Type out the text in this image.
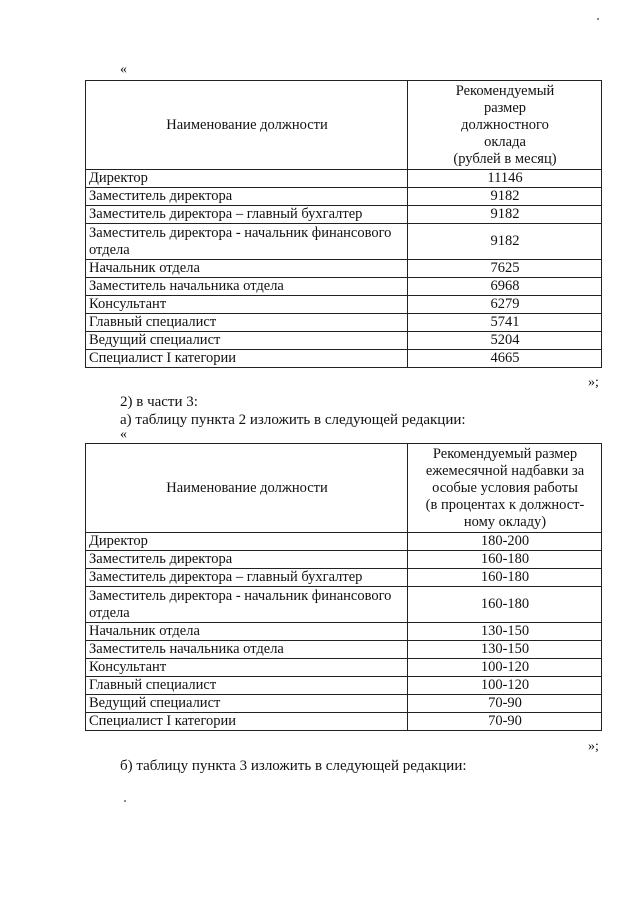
«
Наименование должности	Рекомендуемый
размер
должностного
оклада
(рублей в месяц)

Директор	11146
Заместитель директора	9182
Заместитель директора – главный бухгалтер	9182

Заместитель директора - начальник финансового
отдела	9182
Начальник отдела	7625
Заместитель начальника отдела	6968
Консультант	6279
Главный специалист	5741
Ведущий специалист	5204
Специалист I категории	4665
»;
2) в части 3:
а) таблицу пункта 2 изложить в следующей редакции:
«
Наименование должности	Рекомендуемый размер
ежемесячной надбавки за
особые условия работы
(в процентах к должност-
ному окладу)

Директор	180-200
Заместитель директора	160-180
Заместитель директора – главный бухгалтер	160-180

Заместитель директора - начальник финансового
отдела	160-180
Начальник отдела	130-150
Заместитель начальника отдела	130-150
Консультант	100-120
Главный специалист	100-120
Ведущий специалист	70-90
Специалист I категории	70-90
»;
б) таблицу пункта 3 изложить в следующей редакции:
